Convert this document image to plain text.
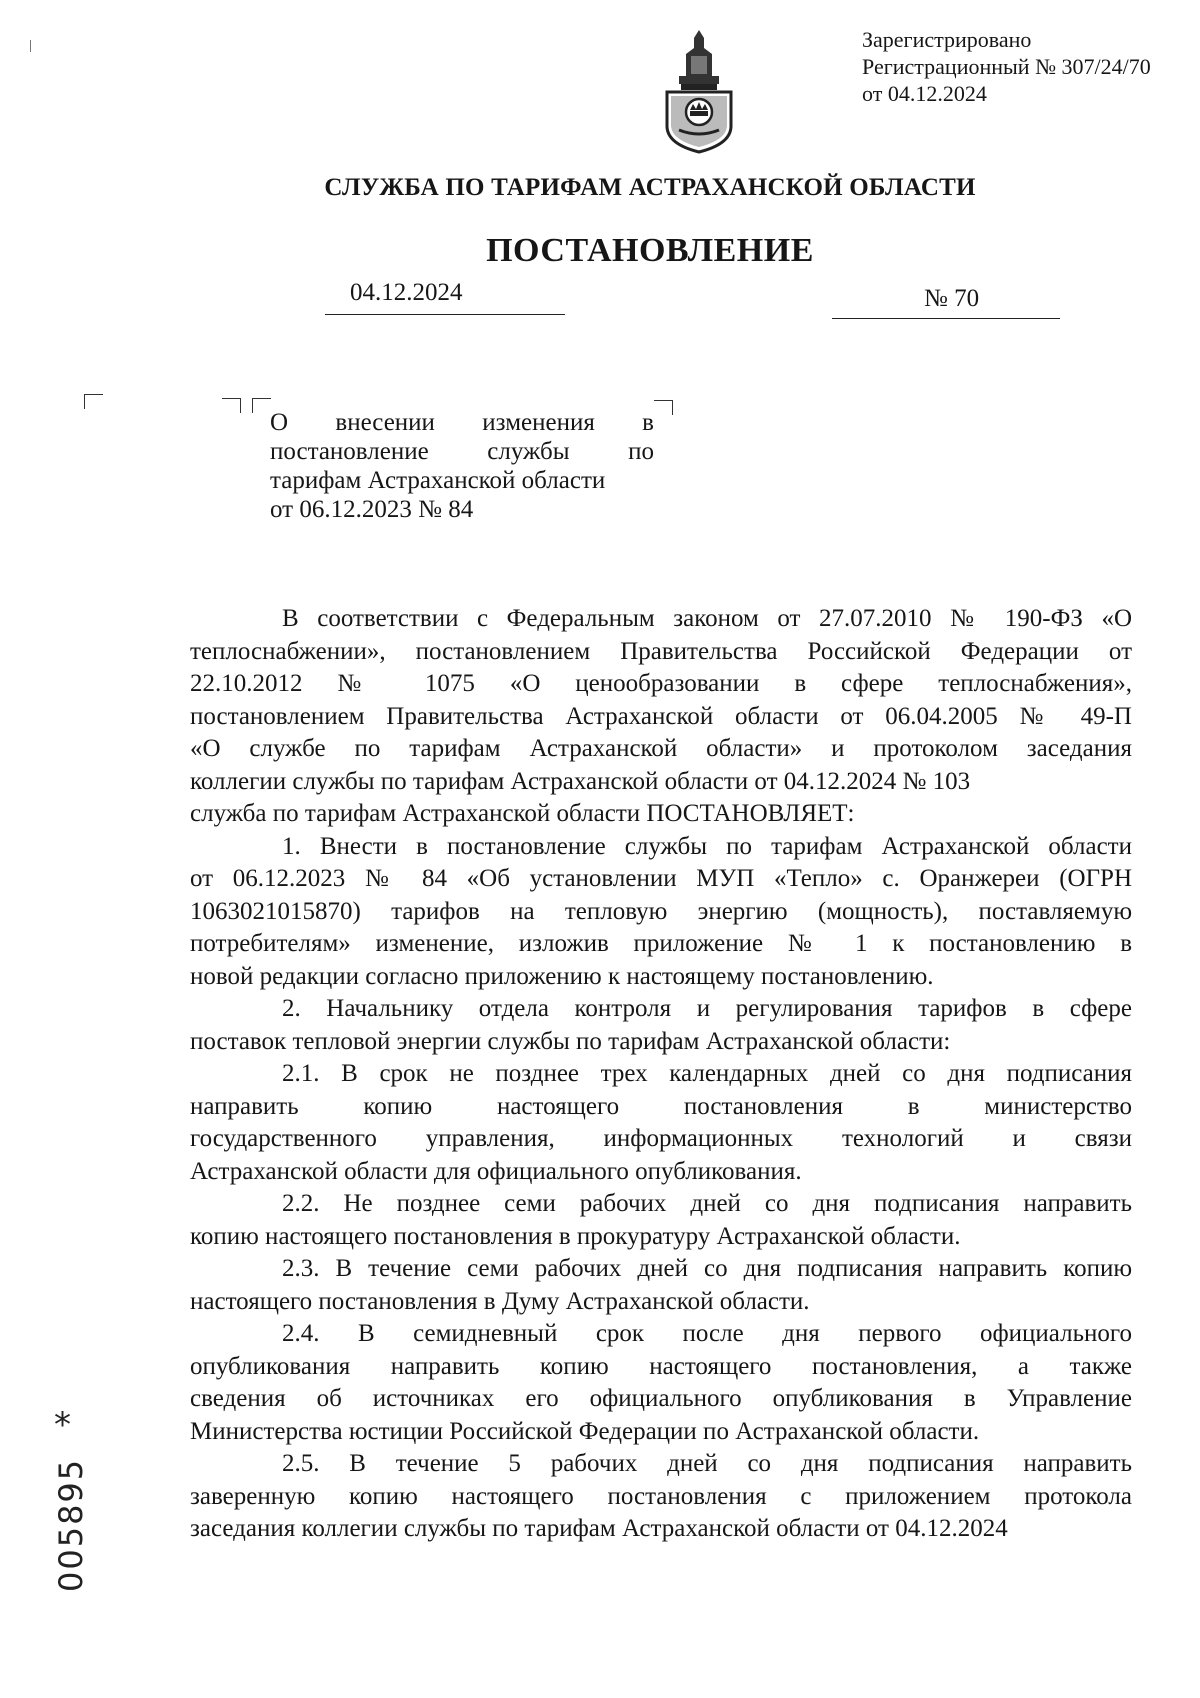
Зарегистрировано
Регистрационный № 307/24/70
от 04.12.2024
СЛУЖБА ПО ТАРИФАМ АСТРАХАНСКОЙ ОБЛАСТИ
ПОСТАНОВЛЕНИЕ
04.12.2024	№ 70
О внесении изменения в
постановление службы по
тарифам Астраханской области
от 06.12.2023 № 84
В соответствии с Федеральным законом от 27.07.2010 № 190-ФЗ «О
теплоснабжении», постановлением Правительства Российской Федерации от
22.10.2012 № 1075 «О ценообразовании в сфере теплоснабжения»,
постановлением Правительства Астраханской области от 06.04.2005 № 49-П
«О службе по тарифам Астраханской области» и протоколом заседания
коллегии службы по тарифам Астраханской области от 04.12.2024 № 103
служба по тарифам Астраханской области ПОСТАНОВЛЯЕТ:
1. Внести в постановление службы по тарифам Астраханской области
от 06.12.2023 № 84 «Об установлении МУП «Тепло» с. Оранжереи (ОГРН
1063021015870) тарифов на тепловую энергию (мощность), поставляемую
потребителям» изменение, изложив приложение № 1 к постановлению в
новой редакции согласно приложению к настоящему постановлению.
2. Начальнику отдела контроля и регулирования тарифов в сфере
поставок тепловой энергии службы по тарифам Астраханской области:
2.1. В срок не позднее трех календарных дней со дня подписания
направить копию настоящего постановления в министерство
государственного управления, информационных технологий и связи
Астраханской области для официального опубликования.
2.2. Не позднее семи рабочих дней со дня подписания направить
копию настоящего постановления в прокуратуру Астраханской области.
2.3. В течение семи рабочих дней со дня подписания направить копию
настоящего постановления в Думу Астраханской области.
2.4. В семидневный срок после дня первого официального
опубликования направить копию настоящего постановления, а также
сведения об источниках его официального опубликования в Управление
Министерства юстиции Российской Федерации по Астраханской области.
2.5. В течение 5 рабочих дней со дня подписания направить
заверенную копию настоящего постановления с приложением протокола
заседания коллегии службы по тарифам Астраханской области от 04.12.2024
*
005895
